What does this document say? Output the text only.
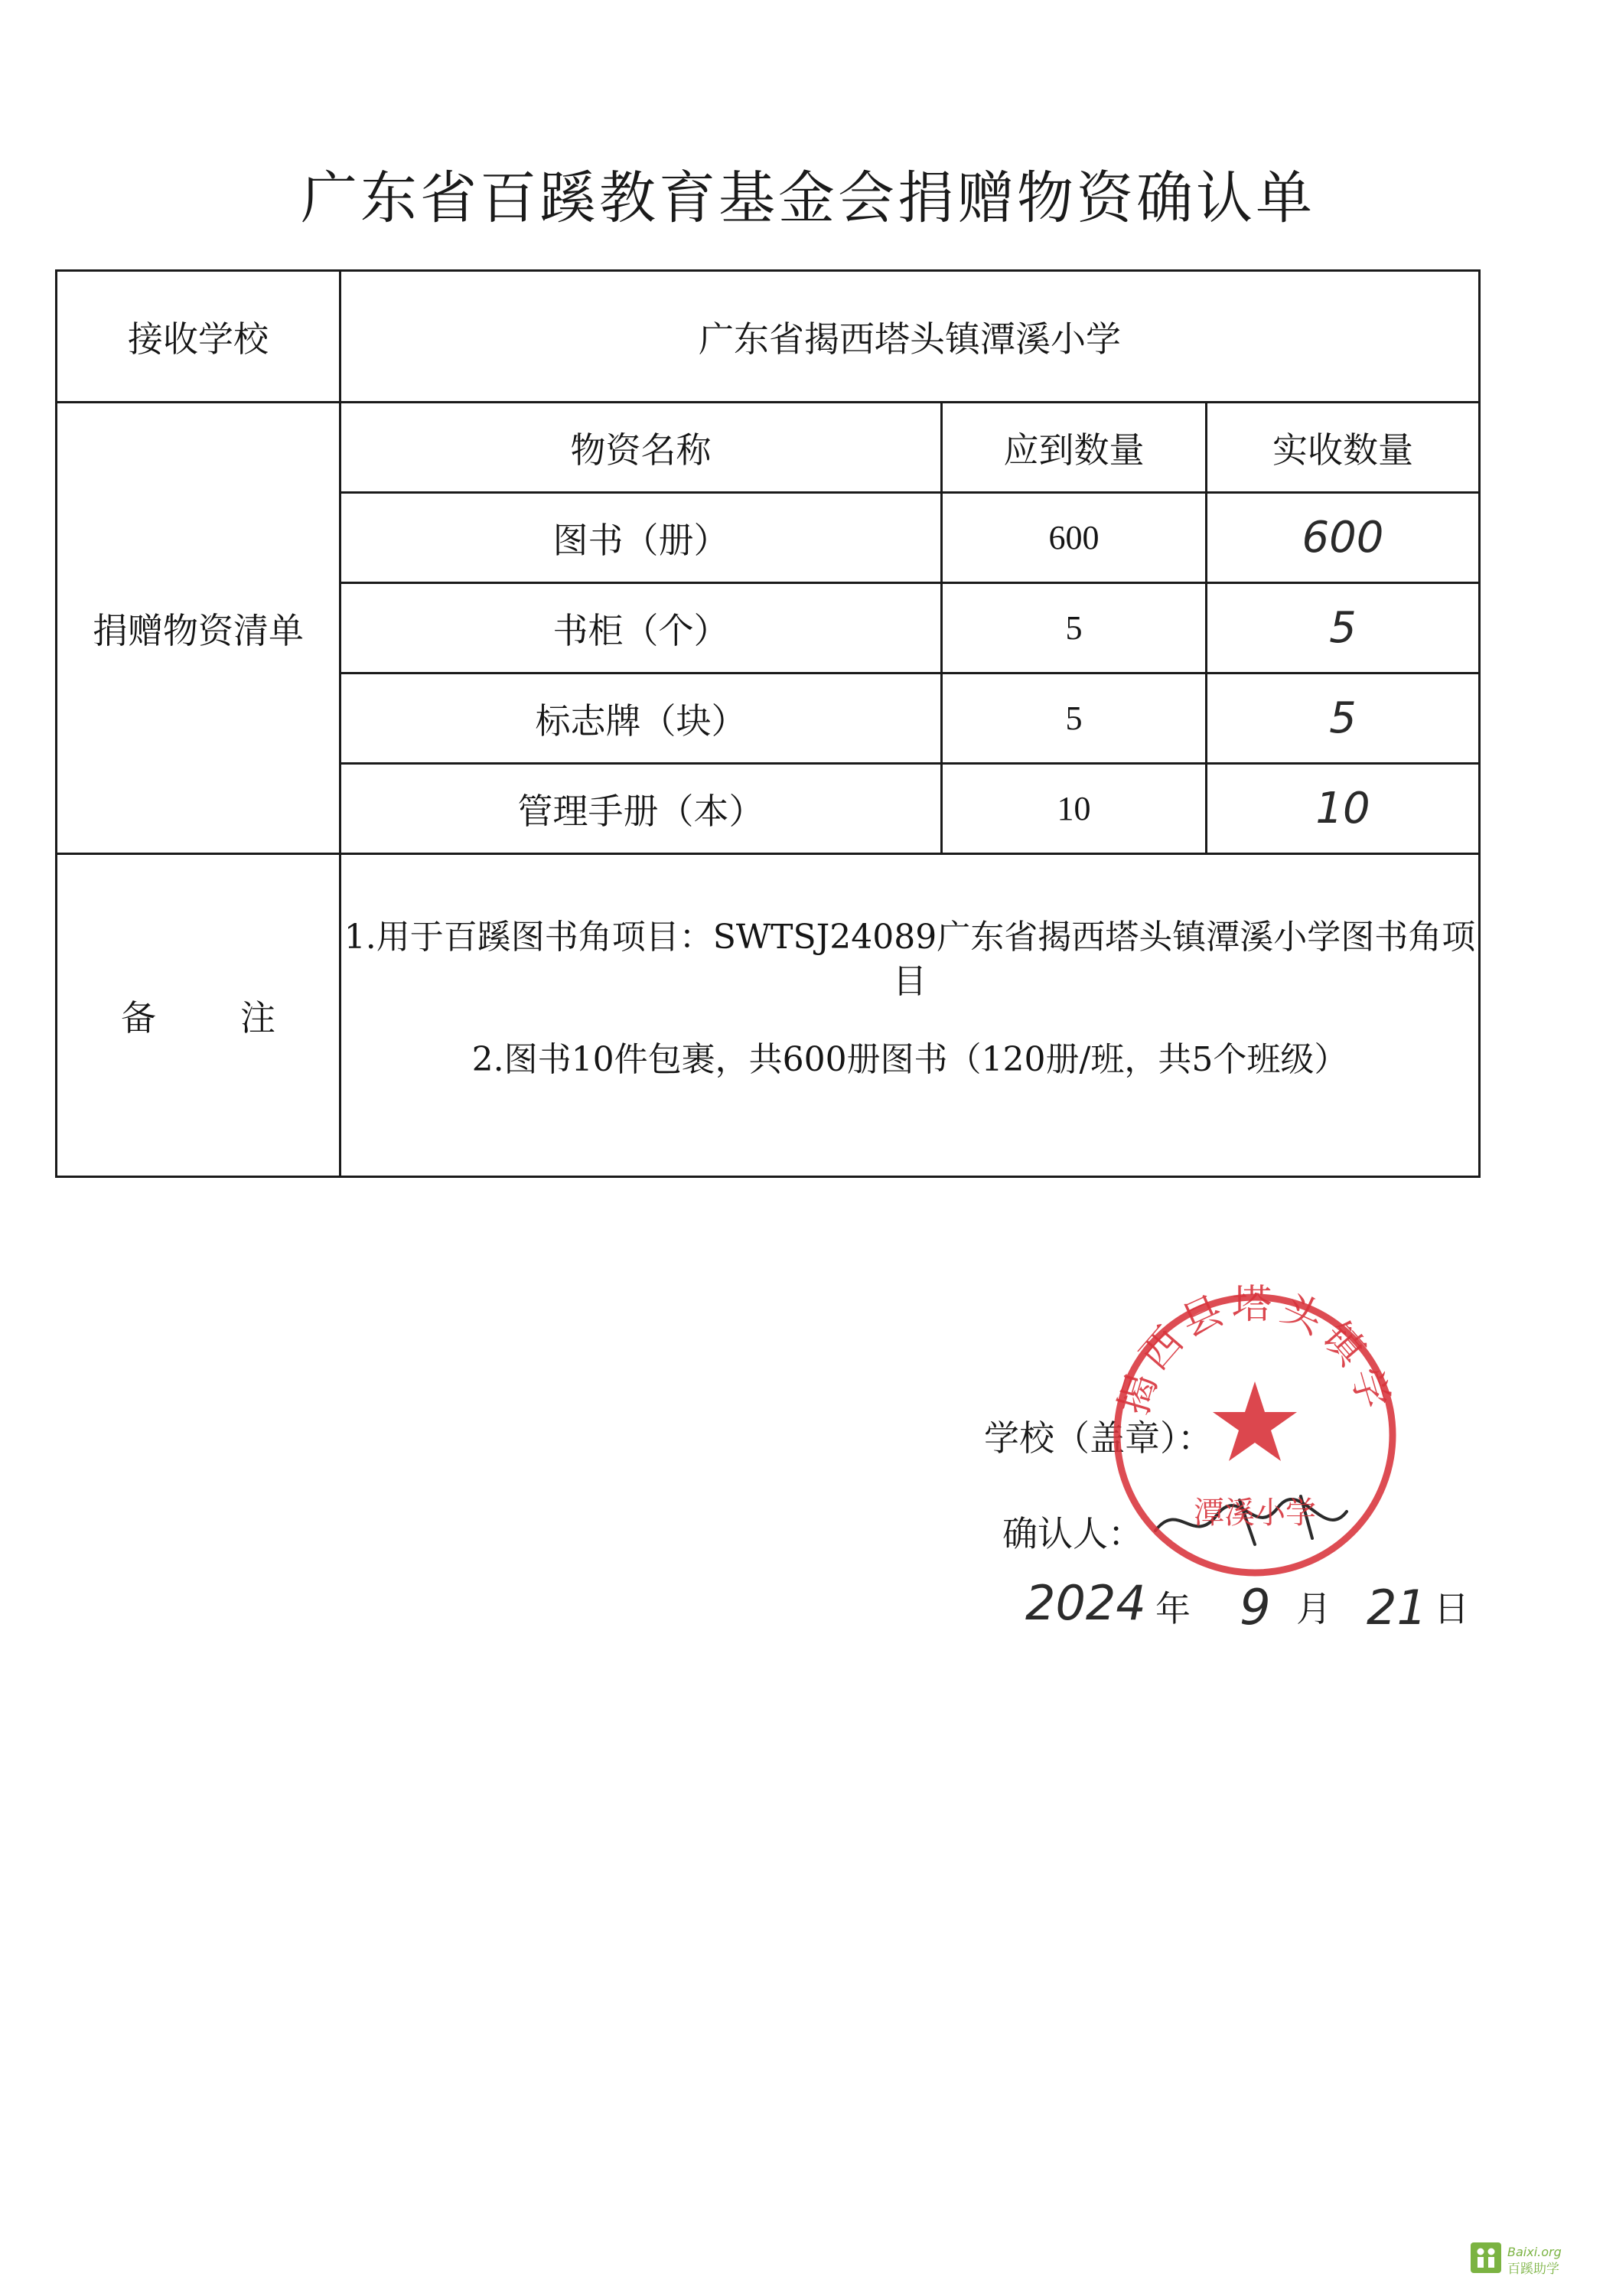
广东省百蹊教育基金会捐赠物资确认单
接收学校	广东省揭西塔头镇潭溪小学		
捐赠物资清单	物资名称	应到数量	实收数量
	图书（册）	600	600
	书柜（个）	5	5
	标志牌（块）	5	5
	管理手册（本）	10	10
备 注	1.用于百蹊图书角项目：SWTSJ24089广东省揭西塔头镇潭溪小学图书角项目

2.图书10件包裹，共600册图书（120册/班，共5个班级）		

学校（盖章）：
确认人：
2024 年 9 月 21 日
揭西县塔头镇学
潭溪小学
Baixi.org
百蹊助学
